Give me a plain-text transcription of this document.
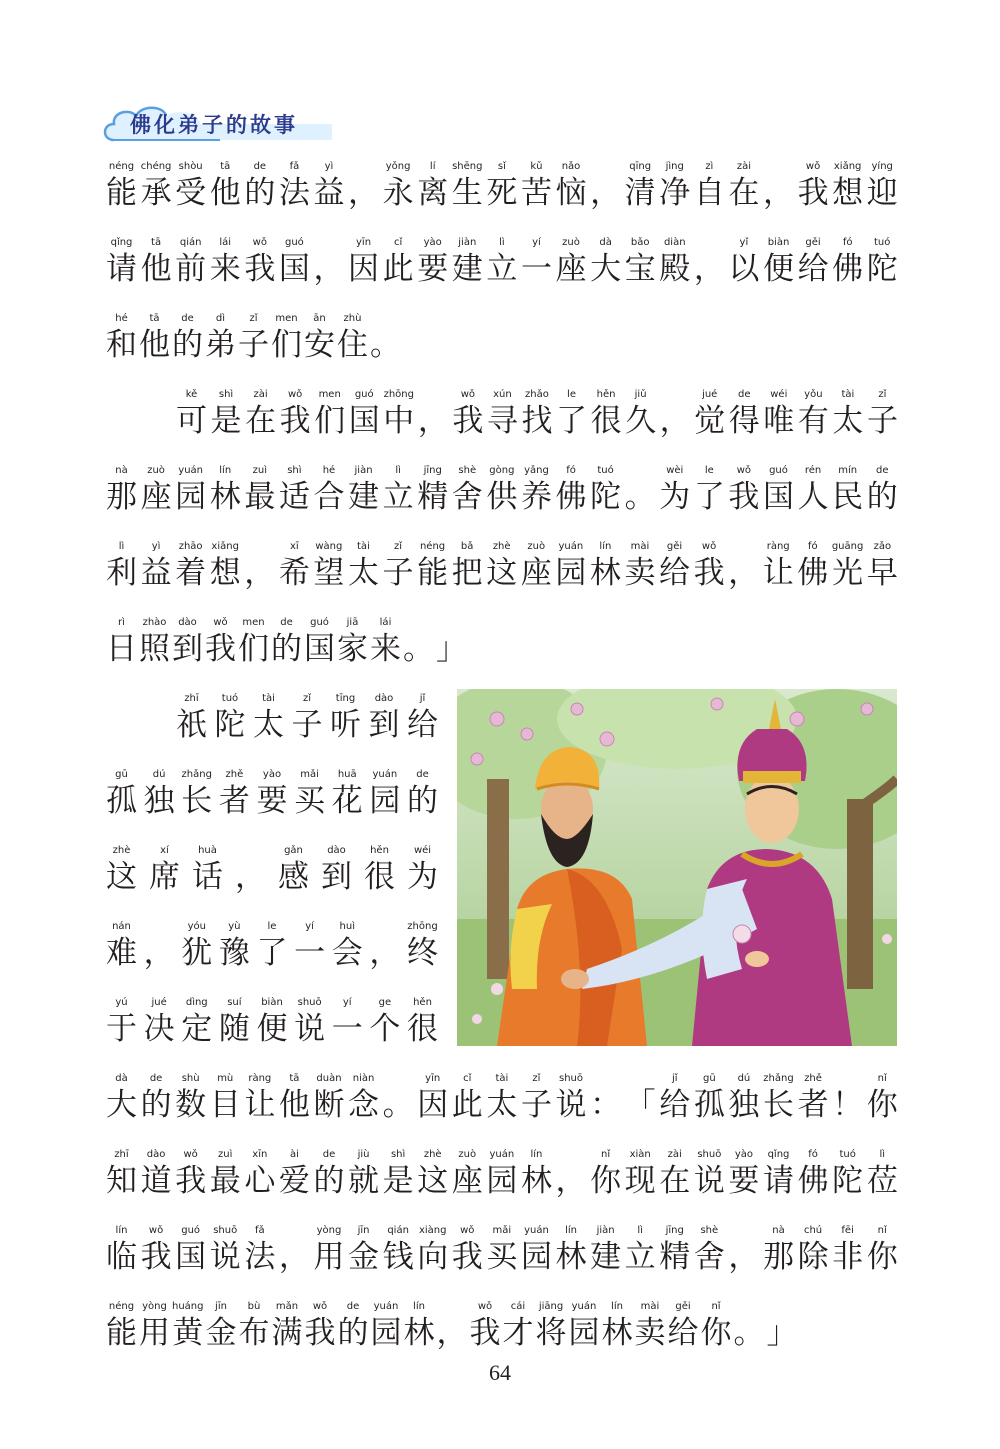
佛化弟子的故事
néng
能
chéng
承
shòu
受
tā
他
de
的
fǎ
法
yì
益 ，
yǒng
永
lí
离
shēng
生
sǐ
死
kǔ
苦
nǎo
恼 ，
qīng
清
jìng
净
zì
自
zài
在 ，
wǒ
我
xiǎng
想
yíng
迎
qǐng
请
tā
他
qián
前
lái
来
wǒ
我
guó
国 ，
yīn
因
cǐ
此
yào
要
jiàn
建
lì
立
yí
一
zuò
座
dà
大
bǎo
宝
diàn
殿 ，
yǐ
以
biàn
便
gěi
给
fó
佛
tuó
陀
hé
和
tā
他
de
的
dì
弟
zǐ
子
men
们
ān
安
zhù
住 。
kě
可
shì
是
zài
在
wǒ
我
men
们
guó
国
zhōng
中 ，
wǒ
我
xún
寻
zhǎo
找
le
了
hěn
很
jiǔ
久 ，
jué
觉
de
得
wéi
唯
yǒu
有
tài
太
zǐ
子
nà
那
zuò
座
yuán
园
lín
林
zuì
最
shì
适
hé
合
jiàn
建
lì
立
jīng
精
shè
舍
gòng
供
yǎng
养
fó
佛
tuó
陀 。
wèi
为
le
了
wǒ
我
guó
国
rén
人
mín
民
de
的
lì
利
yì
益
zhāo
着
xiǎng
想 ，
xī
希
wàng
望
tài
太
zǐ
子
néng
能
bǎ
把
zhè
这
zuò
座
yuán
园
lín
林
mài
卖
gěi
给
wǒ
我 ，
ràng
让
fó
佛
guāng
光
zǎo
早
rì
日
zhào
照
dào
到
wǒ
我
men
们
de
的
guó
国
jiā
家
lái
来 。 」
zhī
祇
tuó
陀
tài
太
zǐ
子
tīng
听
dào
到
jǐ
给
gū
孤
dú
独
zhǎng
长
zhě
者
yào
要
mǎi
买
huā
花
yuán
园
de
的
zhè
这
xí
席
huà
话 ，
gǎn
感
dào
到
hěn
很
wéi
为
nán
难 ，
yóu
犹
yù
豫
le
了
yí
一
huì
会 ，
zhōng
终
yú
于
jué
决
dìng
定
suí
随
biàn
便
shuō
说
yí
一
ge
个
hěn
很
dà
大
de
的
shù
数
mù
目
ràng
让
tā
他
duàn
断
niàn
念 。
yīn
因
cǐ
此
tài
太
zǐ
子
shuō
说 ： 「
jǐ
给
gū
孤
dú
独
zhǎng
长
zhě
者 ！
nǐ
你
zhī
知
dào
道
wǒ
我
zuì
最
xīn
心
ài
爱
de
的
jiù
就
shì
是
zhè
这
zuò
座
yuán
园
lín
林 ，
nǐ
你
xiàn
现
zài
在
shuō
说
yào
要
qǐng
请
fó
佛
tuó
陀
lì
莅
lín
临
wǒ
我
guó
国
shuō
说
fǎ
法 ，
yòng
用
jīn
金
qián
钱
xiàng
向
wǒ
我
mǎi
买
yuán
园
lín
林
jiàn
建
lì
立
jīng
精
shè
舍 ，
nà
那
chú
除
fēi
非
nǐ
你
néng
能
yòng
用
huáng
黄
jīn
金
bù
布
mǎn
满
wǒ
我
de
的
yuán
园
lín
林 ，
wǒ
我
cái
才
jiāng
将
yuán
园
lín
林
mài
卖
gěi
给
nǐ
你 。 」
64
